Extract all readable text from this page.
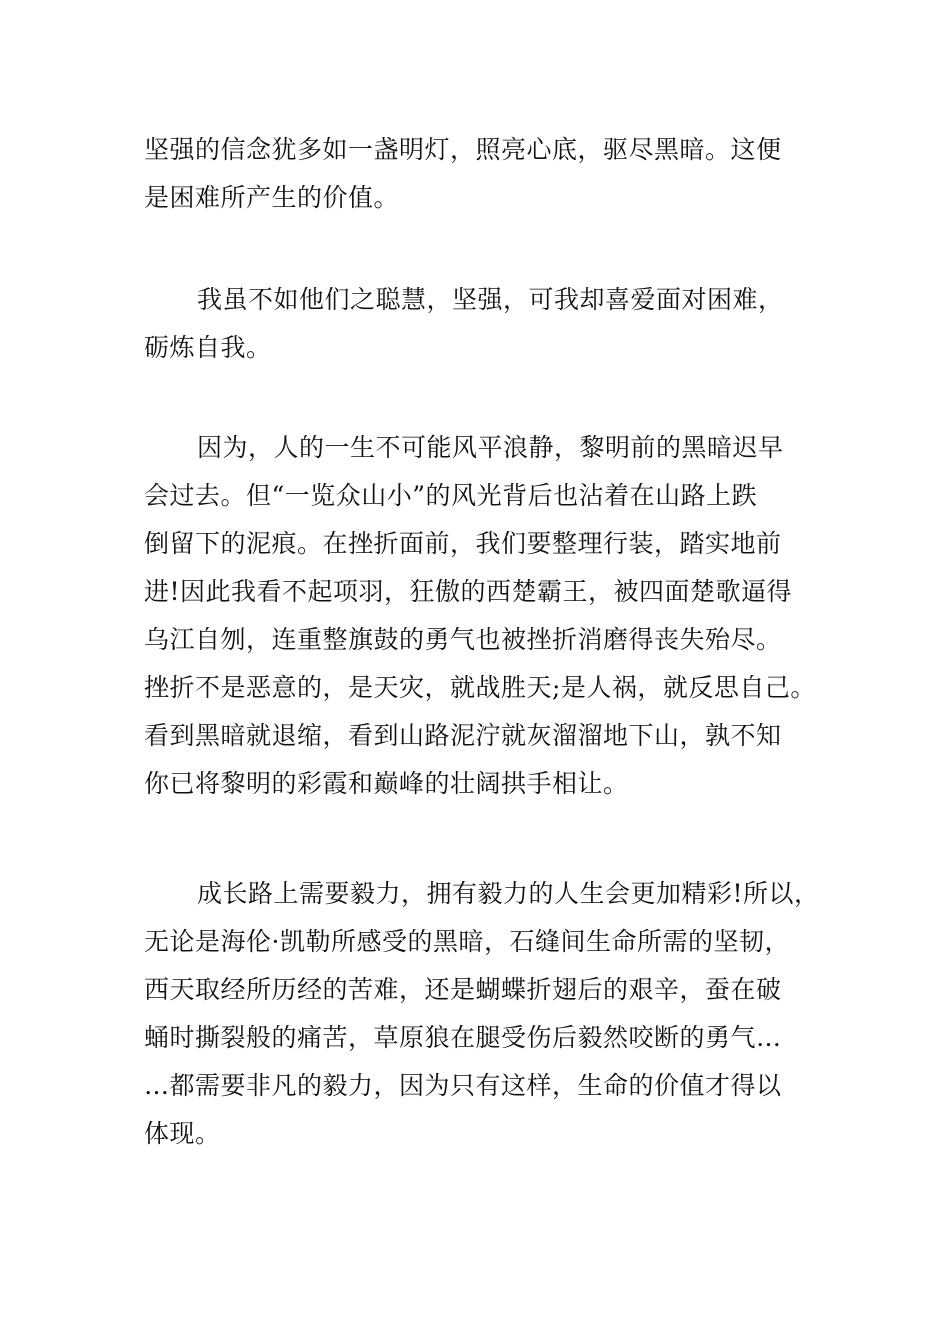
坚强的信念犹多如一盏明灯，照亮心底，驱尽黑暗。这便
是困难所产生的价值。

我虽不如他们之聪慧，坚强，可我却喜爱面对困难，
砺炼自我。

因为，人的一生不可能风平浪静，黎明前的黑暗迟早
会过去。但“一览众山小”的风光背后也沾着在山路上跌
倒留下的泥痕。在挫折面前，我们要整理行装，踏实地前
进!因此我看不起项羽，狂傲的西楚霸王，被四面楚歌逼得
乌江自刎，连重整旗鼓的勇气也被挫折消磨得丧失殆尽。
挫折不是恶意的，是天灾，就战胜天;是人祸，就反思自己。
看到黑暗就退缩，看到山路泥泞就灰溜溜地下山，孰不知
你已将黎明的彩霞和巅峰的壮阔拱手相让。

成长路上需要毅力，拥有毅力的人生会更加精彩!所以，
无论是海伦·凯勒所感受的黑暗，石缝间生命所需的坚韧，
西天取经所历经的苦难，还是蝴蝶折翅后的艰辛，蚕在破
蛹时撕裂般的痛苦，草原狼在腿受伤后毅然咬断的勇气…
…都需要非凡的毅力，因为只有这样，生命的价值才得以
体现。
